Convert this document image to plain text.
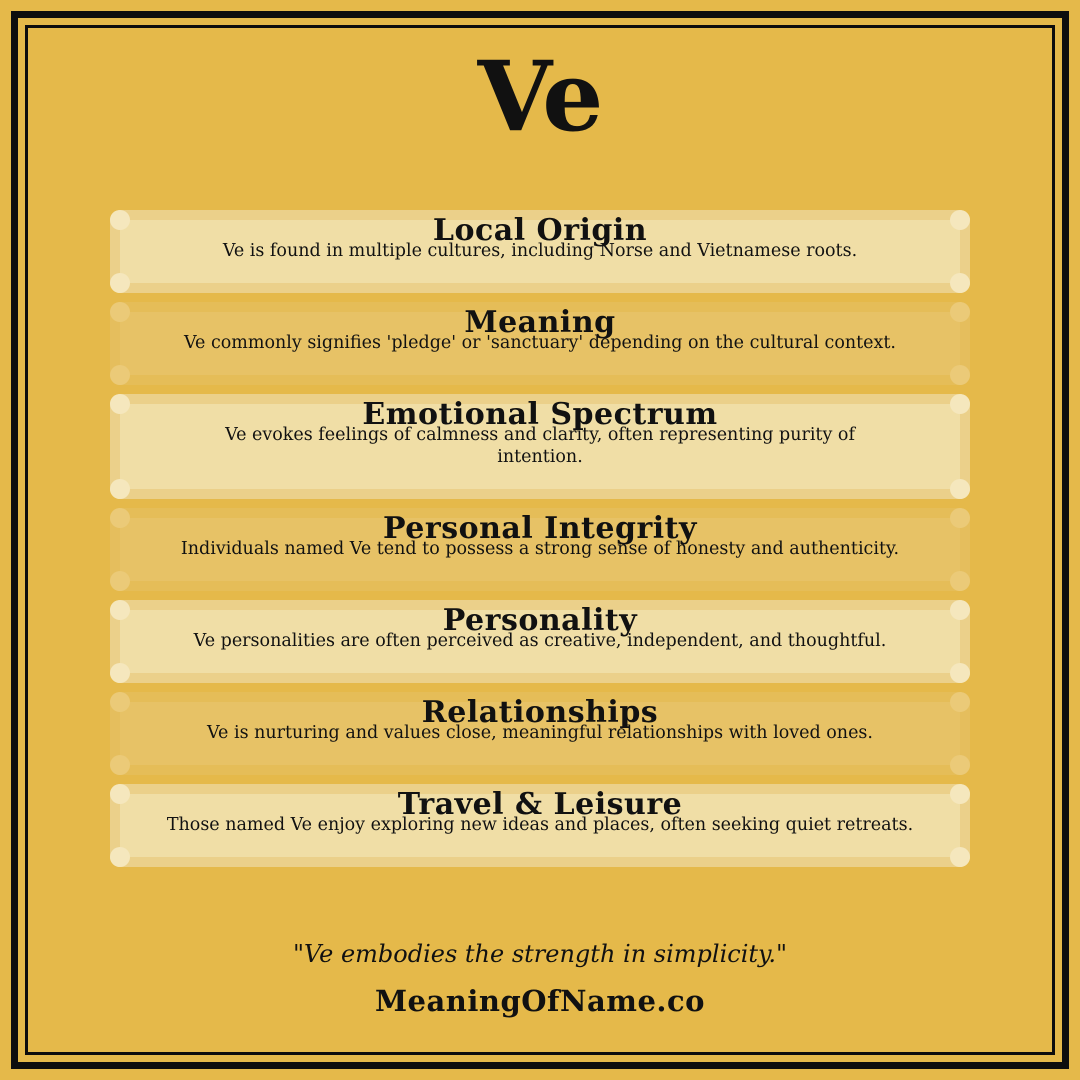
Ve
Local Origin
Ve is found in multiple cultures, including Norse and Vietnamese roots.
Meaning
Ve commonly signifies 'pledge' or 'sanctuary' depending on the cultural context.
Emotional Spectrum
Ve evokes feelings of calmness and clarity, often representing purity of intention.
Personal Integrity
Individuals named Ve tend to possess a strong sense of honesty and authenticity.
Personality
Ve personalities are often perceived as creative, independent, and thoughtful.
Relationships
Ve is nurturing and values close, meaningful relationships with loved ones.
Travel & Leisure
Those named Ve enjoy exploring new ideas and places, often seeking quiet retreats.
"Ve embodies the strength in simplicity."
MeaningOfName.co
